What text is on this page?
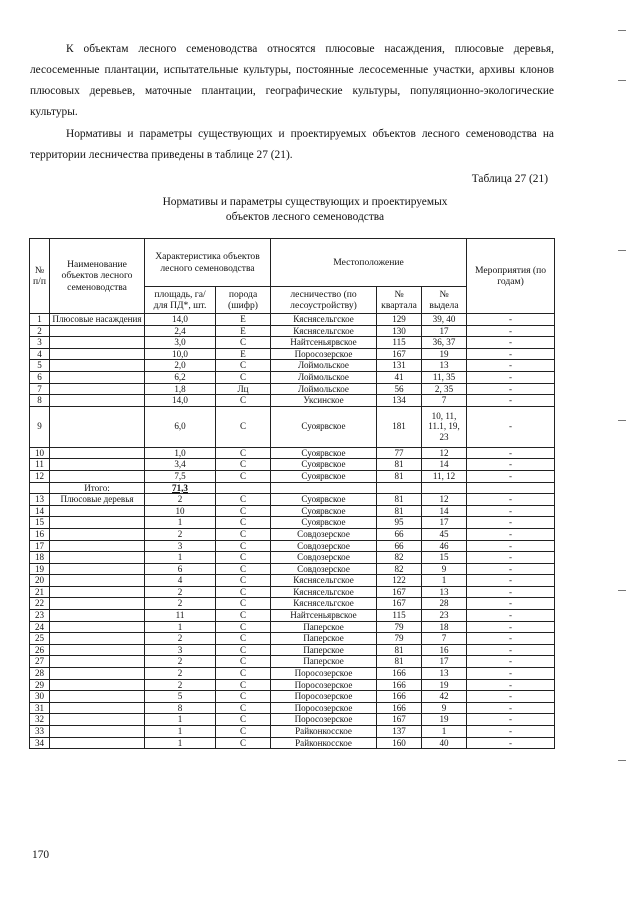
К объектам лесного семеноводства относятся плюсовые насаждения, плюсовые деревья, лесосеменные плантации, испытательные культуры, постоянные лесосеменные участки, архивы клонов плюсовых деревьев, маточные плантации, географические культуры, популяционно-экологические культуры.

Нормативы и параметры существующих и проектируемых объектов лесного семеноводства на территории лесничества приведены в таблице 27 (21).

Таблица 27 (21)

Нормативы и параметры существующих и проектируемых
объектов лесного семеноводства
№ п/п	Наименование объектов лесного семеноводства	Характеристика объектов лесного семеноводства		Местоположение			Мероприятия (по годам)
		площадь, га/ для ПД*, шт.	порода (шифр)	лесничество (по лесоустройству)	№ квартала	№ выдела	
1	Плюсовые насаждения	14,0	Е	Кяснясельгское	129	39, 40	-
2		2,4	Е	Кяснясельгское	130	17	-
3		3,0	С	Найтсеньярвское	115	36, 37	-
4		10,0	Е	Поросозерское	167	19	-
5		2,0	С	Лоймольское	131	13	-
6		6,2	С	Лоймольское	41	11, 35	-
7		1,8	Лц	Лоймольское	56	2, 35	-
8		14,0	С	Уксинское	134	7	-
9		6,0	С	Суоярвское	181	10, 11, 11.1, 19, 23	-
10		1,0	С	Суоярвское	77	12	-
11		3,4	С	Суоярвское	81	14	-
12		7,5	С	Суоярвское	81	11, 12	-
	Итого:	71,3					
13	Плюсовые деревья	2	С	Суоярвское	81	12	-
14		10	С	Суоярвское	81	14	-
15		1	С	Суоярвское	95	17	-
16		2	С	Совдозерское	66	45	-
17		3	С	Совдозерское	66	46	-
18		1	С	Совдозерское	82	15	-
19		6	С	Совдозерское	82	9	-
20		4	С	Кяснясельгское	122	1	-
21		2	С	Кяснясельгское	167	13	-
22		2	С	Кяснясельгское	167	28	-
23		11	С	Найтсеньярвское	115	23	-
24		1	С	Паперское	79	18	-
25		2	С	Паперское	79	7	-
26		3	С	Паперское	81	16	-
27		2	С	Паперское	81	17	-
28		2	С	Поросозерское	166	13	-
29		2	С	Поросозерское	166	19	-
30		5	С	Поросозерское	166	42	-
31		8	С	Поросозерское	166	9	-
32		1	С	Поросозерское	167	19	-
33		1	С	Райконкосское	137	1	-
34		1	С	Райконкосское	160	40	-

170
